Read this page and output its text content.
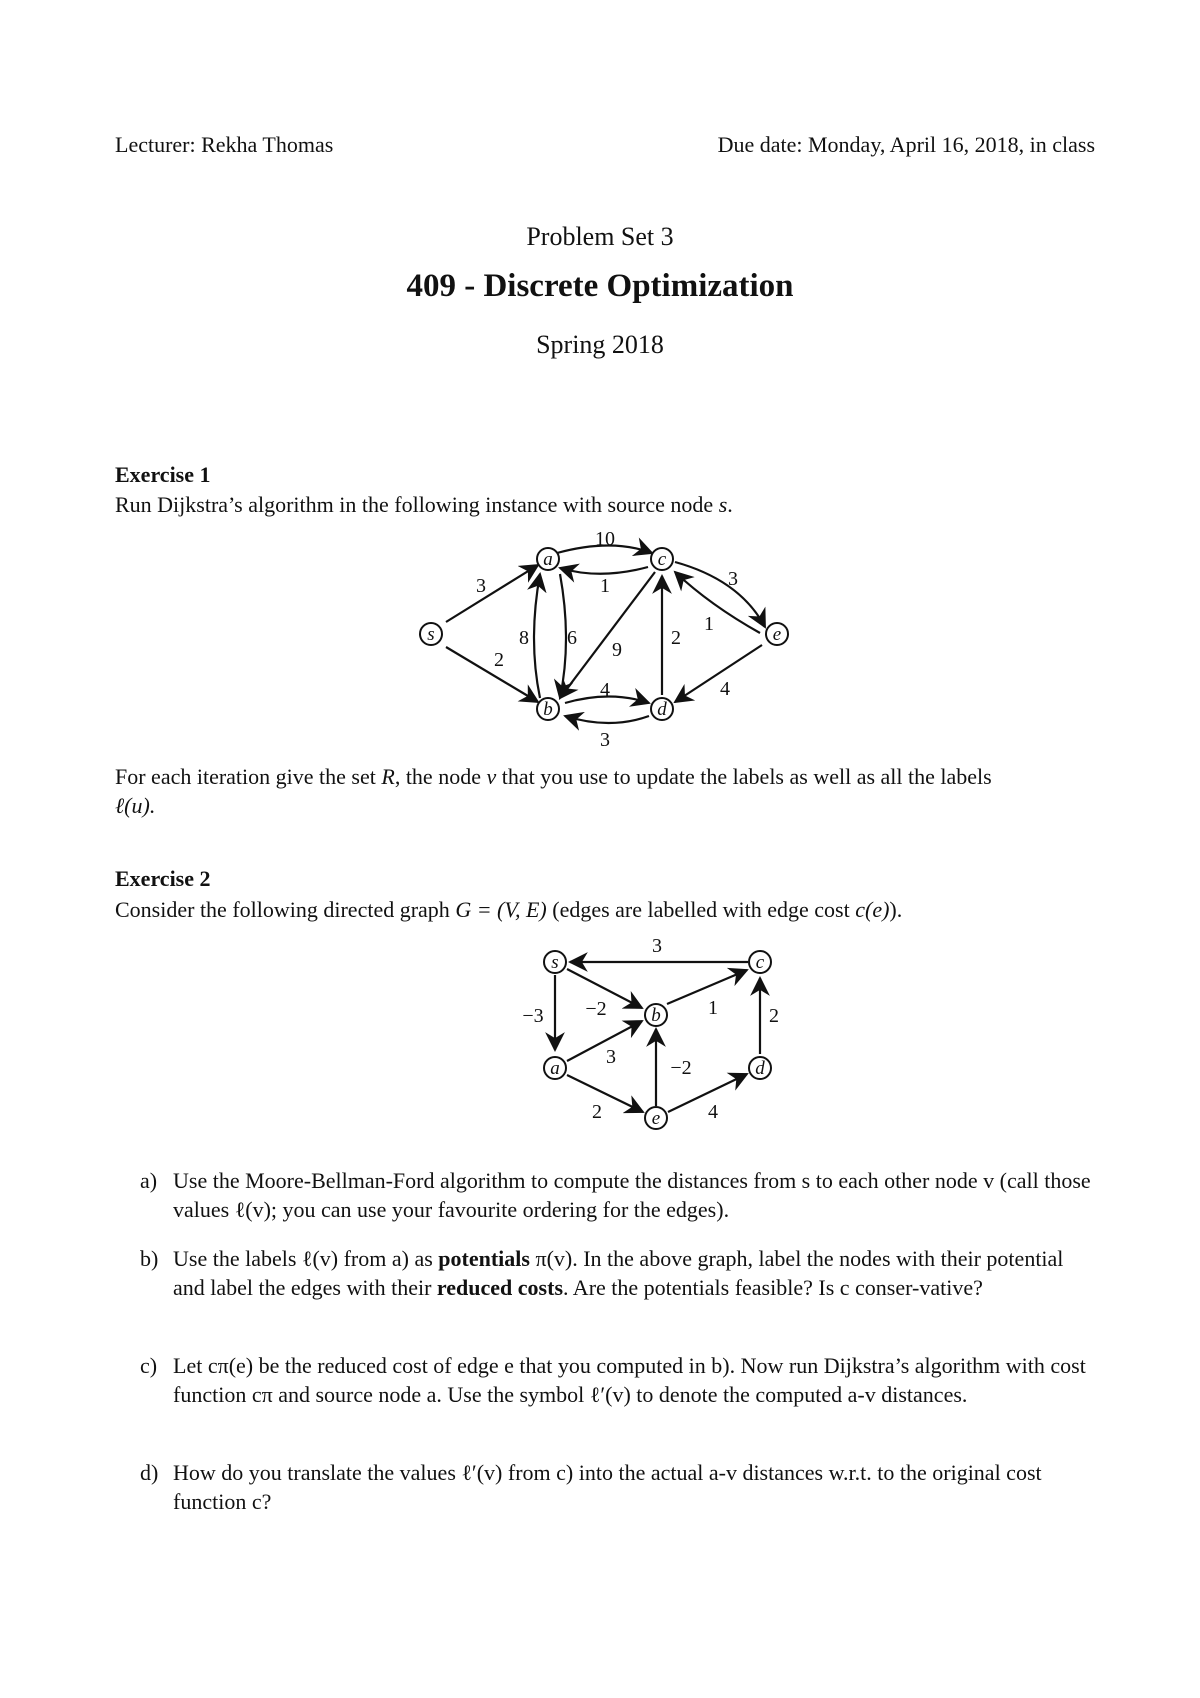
Lecturer: Rekha Thomas	Due date: Monday, April 16, 2018, in class
Problem Set 3
409 - Discrete Optimization
Spring 2018
Exercise 1
Run Dijkstra’s algorithm in the following instance with source node s.
s
a
b
c
d
e
10
3	1	3
8 6
1
9
2
2
4
4
3
s	c
b
a	d
e
3
−3 −2	1	2
3	−2
2	4
For each iteration give the set R, the node v that you use to update the labels as well as all the labels
ℓ(u).
Exercise 2
Consider the following directed graph G = (V, E) (edges are labelled with edge cost c(e)).
a) Use the Moore-Bellman-Ford algorithm to compute the distances from s to each other node v (call those values ℓ(v); you can use your favourite ordering for the edges).
b) Use the labels ℓ(v) from a) as potentials π(v). In the above graph, label the nodes with their potential and label the edges with their reduced costs. Are the potentials feasible? Is c conser-vative?
c) Let cπ(e) be the reduced cost of edge e that you computed in b). Now run Dijkstra’s algorithm with cost function cπ and source node a. Use the symbol ℓ′(v) to denote the computed a-v distances.
d) How do you translate the values ℓ′(v) from c) into the actual a-v distances w.r.t. to the original cost function c?
